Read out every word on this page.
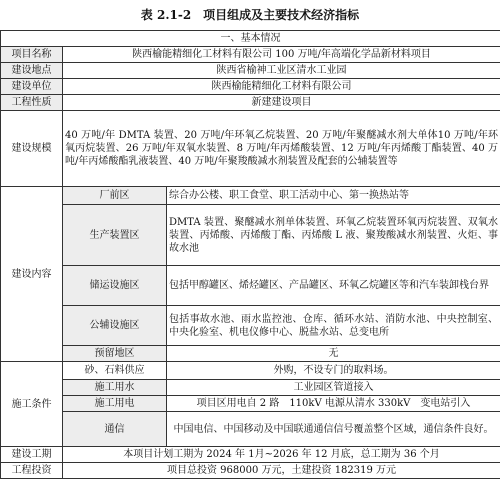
表 2.1-2　项目组成及主要技术经济指标
一、基本情况		
项目名称	陕西榆能精细化工材料有限公司 100 万吨/年高端化学品新材料项目	
建设地点	陕西省榆神工业区清水工业园	
建设单位	陕西榆能精细化工材料有限公司	
工程性质	新建建设项目	
建设规模	40 万吨/年 DMTA 装置、20 万吨/年环氧乙烷装置、20 万吨/年聚醚减水剂大单体10 万吨/年环氧丙烷装置、26 万吨/年双氧水装置、8 万吨/年丙烯酸装置、12 万吨/年丙烯酸丁酯装置、40 万吨/年丙烯酸酯乳液装置、40 万吨/年聚羧酸减水剂装置及配套的公辅装置等	
建设内容	厂前区	综合办公楼、职工食堂、职工活动中心、第一换热站等
	生产装置区	DMTA 装置、聚醚减水剂单体装置、环氧乙烷装置环氧丙烷装置、双氧水装置、丙烯酸、丙烯酸丁酯、丙烯酸 L 液、聚羧酸减水剂装置、火炬、事故水池
	储运设施区	包括甲醇罐区、烯烃罐区、产品罐区、环氧乙烷罐区等和汽车装卸栈台界
	公辅设施区	包括事故水池、雨水监控池、仓库、循环水站、消防水池、中央控制室、中央化验室、机电仪修中心、脱盐水站、总变电所
	预留地区	无
施工条件	砂、石料供应	外购，不设专门的取料场。
	施工用水	工业园区管道接入
	施工用电	项目区用电自 2 路　110kV 电源从清水 330kV　变电站引入
	通信	中国电信、中国移动及中国联通通信信号覆盖整个区域，通信条件良好。
建设工期	本项目计划工期为 2024 年 1月~2026 年 12 月底，总工期为 36 个月	
工程投资	项目总投资 968000 万元，土建投资 182319 万元	
